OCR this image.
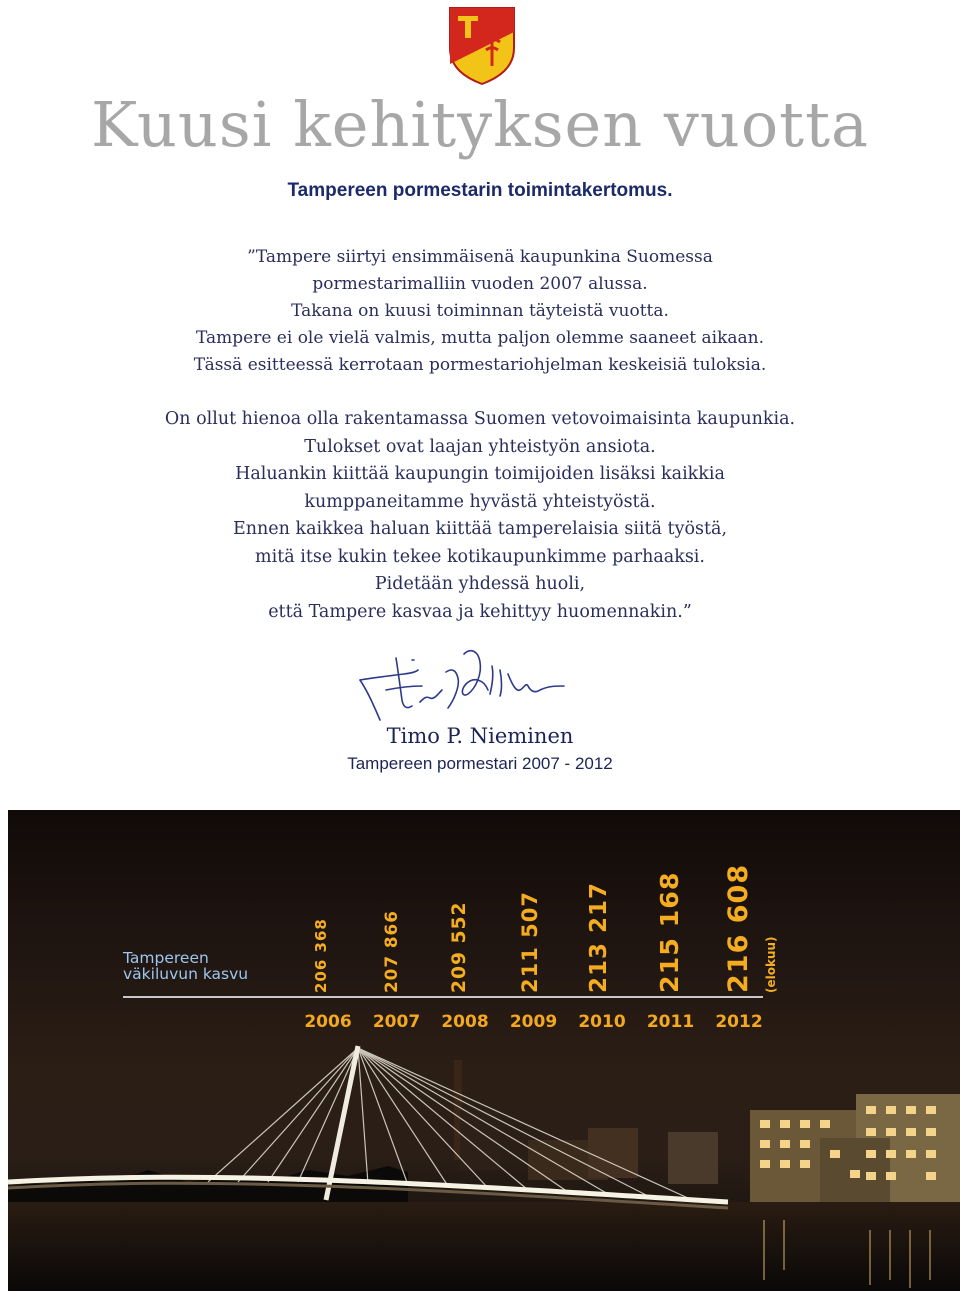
Kuusi kehityksen vuotta
Tampereen pormestarin toimintakertomus.
”Tampere siirtyi ensimmäisenä kaupunkina Suomessa
pormestarimalliin vuoden 2007 alussa.
Takana on kuusi toiminnan täyteistä vuotta.
Tampere ei ole vielä valmis, mutta paljon olemme saaneet aikaan.
Tässä esitteessä kerrotaan pormestariohjelman keskeisiä tuloksia.
On ollut hienoa olla rakentamassa Suomen vetovoimaisinta kaupunkia.
Tulokset ovat laajan yhteistyön ansiota.
Haluankin kiittää kaupungin toimijoiden lisäksi kaikkia
kumppaneitamme hyvästä yhteistyöstä.
Ennen kaikkea haluan kiittää tamperelaisia siitä työstä,
mitä itse kukin tekee kotikaupunkimme parhaaksi.
Pidetään yhdessä huoli,
että Tampere kasvaa ja kehittyy huomennakin.”
Timo P. Nieminen
Tampereen pormestari 2007 - 2012
Tampereen väkiluvun kasvu	206 368
2006
207 866
2007
209 552
2008
211 507
2009
213 217
2010
215 168
2011
216 608
2012
(elokuu)
